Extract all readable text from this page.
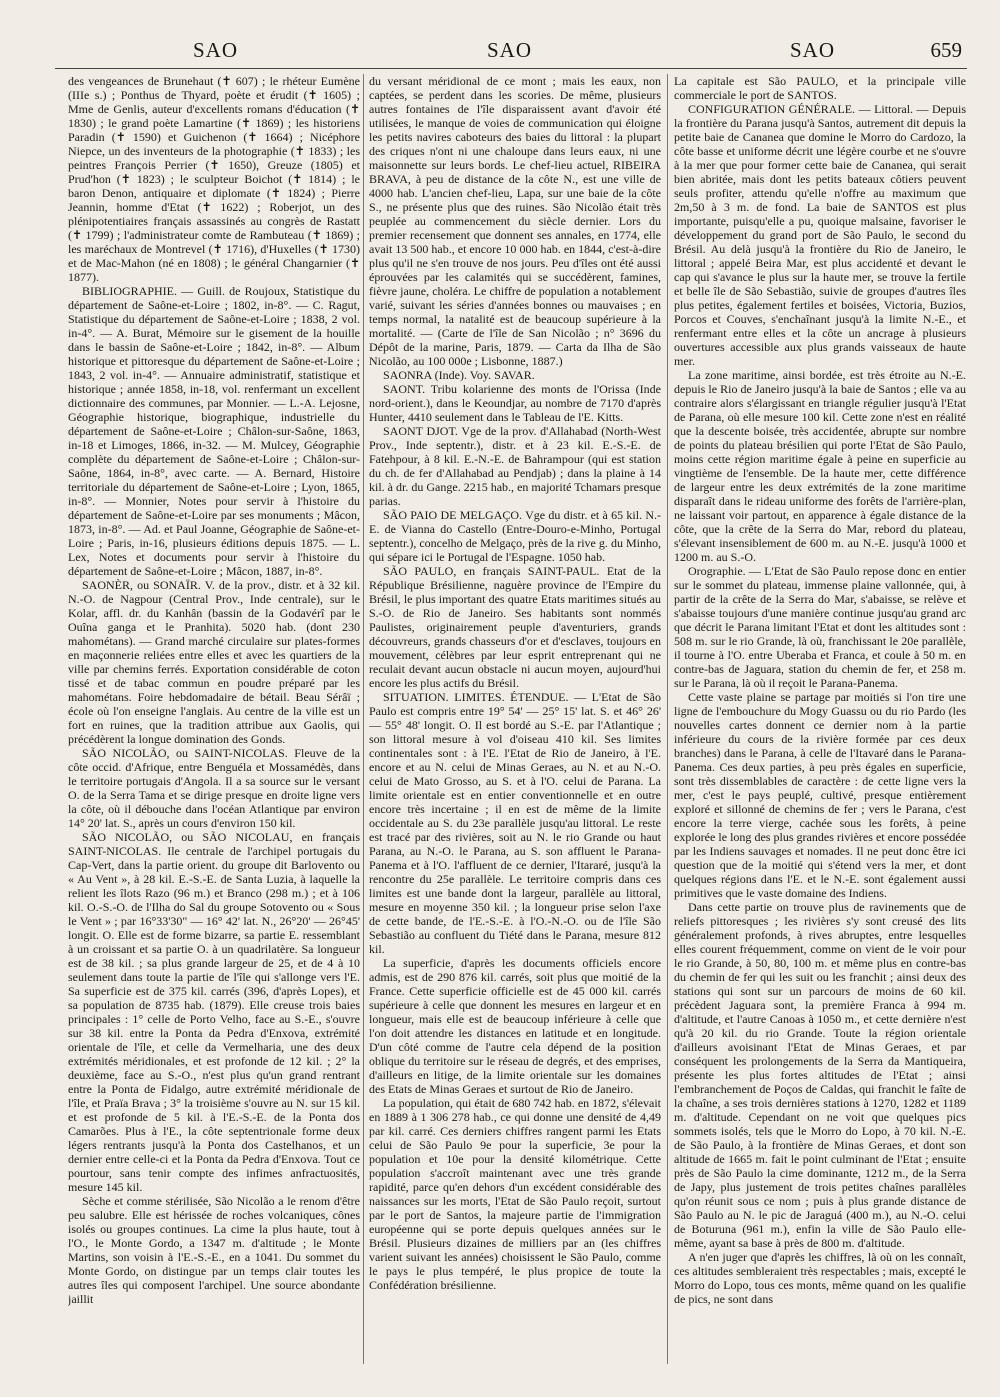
SAO	SAO	SAO	659

des vengeances de Brunehaut (✝ 607) ; le rhéteur Eumène (IIIe s.) ; Ponthus de Thyard, poète et érudit (✝ 1605) ; Mme de Genlis, auteur d'excellents romans d'éducation (✝ 1830) ; le grand poète Lamartine (✝ 1869) ; les historiens Paradin (✝ 1590) et Guichenon (✝ 1664) ; Nicéphore Niepce, un des inventeurs de la photographie (✝ 1833) ; les peintres François Perrier (✝ 1650), Greuze (1805) et Prud'hon (✝ 1823) ; le sculpteur Boichot (✝ 1814) ; le baron Denon, antiquaire et diplomate (✝ 1824) ; Pierre Jeannin, homme d'Etat (✝ 1622) ; Roberjot, un des plénipotentiaires français assassinés au congrès de Rastatt (✝ 1799) ; l'administrateur comte de Rambuteau (✝ 1869) ; les maréchaux de Montrevel (✝ 1716), d'Huxelles (✝ 1730) et de Mac-Mahon (né en 1808) ; le général Changarnier (✝ 1877).

BIBLIOGRAPHIE. — Guill. de Roujoux, Statistique du département de Saône-et-Loire ; 1802, in-8°. — C. Ragut, Statistique du département de Saône-et-Loire ; 1838, 2 vol. in-4°. — A. Burat, Mémoire sur le gisement de la houille dans le bassin de Saône-et-Loire ; 1842, in-8°. — Album historique et pittoresque du département de Saône-et-Loire ; 1843, 2 vol. in-4°. — Annuaire administratif, statistique et historique ; année 1858, in-18, vol. renfermant un excellent dictionnaire des communes, par Monnier. — L.-A. Lejosne, Géographie historique, biographique, industrielle du département de Saône-et-Loire ; Châlon-sur-Saône, 1863, in-18 et Limoges, 1866, in-32. — M. Mulcey, Géographie complète du département de Saône-et-Loire ; Châlon-sur-Saône, 1864, in-8°, avec carte. — A. Bernard, Histoire territoriale du département de Saône-et-Loire ; Lyon, 1865, in-8°. — Monnier, Notes pour servir à l'histoire du département de Saône-et-Loire par ses monuments ; Mâcon, 1873, in-8°. — Ad. et Paul Joanne, Géographie de Saône-et-Loire ; Paris, in-16, plusieurs éditions depuis 1875. — L. Lex, Notes et documents pour servir à l'histoire du département de Saône-et-Loire ; Mâcon, 1887, in-8°.

SAONÈR, ou SONAÏR. V. de la prov., distr. et à 32 kil. N.-O. de Nagpour (Central Prov., Inde centrale), sur le Kolar, affl. dr. du Kanhân (bassin de la Godavérî par le Ouîna ganga et le Pranhita). 5020 hab. (dont 230 mahométans). — Grand marché circulaire sur plates-formes en maçonnerie reliées entre elles et avec les quartiers de la ville par chemins ferrés. Exportation considérable de coton tissé et de tabac commun en poudre préparé par les mahométans. Foire hebdomadaire de bétail. Beau Sérâï ; école où l'on enseigne l'anglais. Au centre de la ville est un fort en ruines, que la tradition attribue aux Gaolis, qui précédèrent la longue domination des Gonds.

SÃO NICOLÃO, ou SAINT-NICOLAS. Fleuve de la côte occid. d'Afrique, entre Benguéla et Mossamédès, dans le territoire portugais d'Angola. Il a sa source sur le versant O. de la Serra Tama et se dirige presque en droite ligne vers la côte, où il débouche dans l'océan Atlantique par environ 14° 20' lat. S., après un cours d'environ 150 kil.

SÃO NICOLÃO, ou SÃO NICOLAU, en français SAINT-NICOLAS. Ile centrale de l'archipel portugais du Cap-Vert, dans la partie orient. du groupe dit Barlovento ou « Au Vent », à 28 kil. E.-S.-E. de Santa Luzia, à laquelle la relient les îlots Razo (96 m.) et Branco (298 m.) ; et à 106 kil. O.-S.-O. de l'Ilha do Sal du groupe Sotovento ou « Sous le Vent » ; par 16°33'30" — 16° 42' lat. N., 26°20' — 26°45' longit. O. Elle est de forme bizarre, sa partie E. ressemblant à un croissant et sa partie O. à un quadrilatère. Sa longueur est de 38 kil. ; sa plus grande largeur de 25, et de 4 à 10 seulement dans toute la partie de l'île qui s'allonge vers l'E. Sa superficie est de 375 kil. carrés (396, d'après Lopes), et sa population de 8735 hab. (1879). Elle creuse trois baies principales : 1° celle de Porto Velho, face au S.-E., s'ouvre sur 38 kil. entre la Ponta da Pedra d'Enxova, extrémité orientale de l'île, et celle da Vermelharia, une des deux extrémités méridionales, et est profonde de 12 kil. ; 2° la deuxième, face au S.-O., n'est plus qu'un grand rentrant entre la Ponta de Fidalgo, autre extrémité méridionale de l'île, et Praïa Brava ; 3° la troisième s'ouvre au N. sur 15 kil. et est profonde de 5 kil. à l'E.-S.-E. de la Ponta dos Camarões. Plus à l'E., la côte septentrionale forme deux légers rentrants jusqu'à la Ponta dos Castelhanos, et un dernier entre celle-ci et la Ponta da Pedra d'Enxova. Tout ce pourtour, sans tenir compte des infimes anfractuosités, mesure 145 kil.

Sèche et comme stérilisée, São Nicolão a le renom d'être peu salubre. Elle est hérissée de roches volcaniques, cônes isolés ou groupes continues. La cime la plus haute, tout à l'O., le Monte Gordo, a 1347 m. d'altitude ; le Monte Martins, son voisin à l'E.-S.-E., en a 1041. Du sommet du Monte Gordo, on distingue par un temps clair toutes les autres îles qui composent l'archipel. Une source abondante jaillit

du versant méridional de ce mont ; mais les eaux, non captées, se perdent dans les scories. De même, plusieurs autres fontaines de l'île disparaissent avant d'avoir été utilisées, le manque de voies de communication qui éloigne les petits navires caboteurs des baies du littoral : la plupart des criques n'ont ni une chaloupe dans leurs eaux, ni une maisonnette sur leurs bords. Le chef-lieu actuel, RIBEIRA BRAVA, à peu de distance de la côte N., est une ville de 4000 hab. L'ancien chef-lieu, Lapa, sur une baie de la côte S., ne présente plus que des ruines. São Nicolão était très peuplée au commencement du siècle dernier. Lors du premier recensement que donnent ses annales, en 1774, elle avait 13 500 hab., et encore 10 000 hab. en 1844, c'est-à-dire plus qu'il ne s'en trouve de nos jours. Peu d'îles ont été aussi éprouvées par les calamités qui se succédèrent, famines, fièvre jaune, choléra. Le chiffre de population a notablement varié, suivant les séries d'années bonnes ou mauvaises ; en temps normal, la natalité est de beaucoup supérieure à la mortalité. — (Carte de l'île de San Nicolão ; n° 3696 du Dépôt de la marine, Paris, 1879. — Carta da Ilha de São Nicolão, au 100 000e ; Lisbonne, 1887.)

SAONRA (Inde). Voy. SAVAR.

SAONT. Tribu kolarienne des monts de l'Orissa (Inde nord-orient.), dans le Keoundjar, au nombre de 7170 d'après Hunter, 4410 seulement dans le Tableau de l'E. Kitts.

SAONT DJOT. Vge de la prov. d'Allahabad (North-West Prov., Inde septentr.), distr. et à 23 kil. E.-S.-E. de Fatehpour, à 8 kil. E.-N.-E. de Bahrampour (qui est station du ch. de fer d'Allahabad au Pendjab) ; dans la plaine à 14 kil. à dr. du Gange. 2215 hab., en majorité Tchamars presque parias.

SÃO PAIO DE MELGAÇO. Vge du distr. et à 65 kil. N.-E. de Vianna do Castello (Entre-Douro-e-Minho, Portugal septentr.), concelho de Melgaço, près de la rive g. du Minho, qui sépare ici le Portugal de l'Espagne. 1050 hab.

SÃO PAULO, en français SAINT-PAUL. Etat de la République Brésilienne, naguère province de l'Empire du Brésil, le plus important des quatre Etats maritimes situés au S.-O. de Rio de Janeiro. Ses habitants sont nommés Paulistes, originairement peuple d'aventuriers, grands découvreurs, grands chasseurs d'or et d'esclaves, toujours en mouvement, célèbres par leur esprit entreprenant qui ne reculait devant aucun obstacle ni aucun moyen, aujourd'hui encore les plus actifs du Brésil.

SITUATION. LIMITES. ÉTENDUE. — L'Etat de São Paulo est compris entre 19° 54' — 25° 15' lat. S. et 46° 26' — 55° 48' longit. O. Il est bordé au S.-E. par l'Atlantique ; son littoral mesure à vol d'oiseau 410 kil. Ses limites continentales sont : à l'E. l'Etat de Rio de Janeiro, à l'E. encore et au N. celui de Minas Geraes, au N. et au N.-O. celui de Mato Grosso, au S. et à l'O. celui de Parana. La limite orientale est en entier conventionnelle et en outre encore très incertaine ; il en est de même de la limite occidentale au S. du 23e parallèle jusqu'au littoral. Le reste est tracé par des rivières, soit au N. le rio Grande ou haut Parana, au N.-O. le Parana, au S. son affluent le Parana-Panema et à l'O. l'affluent de ce dernier, l'Itararé, jusqu'à la rencontre du 25e parallèle. Le territoire compris dans ces limites est une bande dont la largeur, parallèle au littoral, mesure en moyenne 350 kil. ; la longueur prise selon l'axe de cette bande, de l'E.-S.-E. à l'O.-N.-O. ou de l'île São Sebastião au confluent du Tiété dans le Parana, mesure 812 kil.

La superficie, d'après les documents officiels encore admis, est de 290 876 kil. carrés, soit plus que moitié de la France. Cette superficie officielle est de 45 000 kil. carrés supérieure à celle que donnent les mesures en largeur et en longueur, mais elle est de beaucoup inférieure à celle que l'on doit attendre les distances en latitude et en longitude. D'un côté comme de l'autre cela dépend de la position oblique du territoire sur le réseau de degrés, et des emprises, d'ailleurs en litige, de la limite orientale sur les domaines des Etats de Minas Geraes et surtout de Rio de Janeiro.

La population, qui était de 680 742 hab. en 1872, s'élevait en 1889 à 1 306 278 hab., ce qui donne une densité de 4,49 par kil. carré. Ces derniers chiffres rangent parmi les Etats celui de São Paulo 9e pour la superficie, 3e pour la population et 10e pour la densité kilométrique. Cette population s'accroît maintenant avec une très grande rapidité, parce qu'en dehors d'un excédent considérable des naissances sur les morts, l'Etat de São Paulo reçoit, surtout par le port de Santos, la majeure partie de l'immigration européenne qui se porte depuis quelques années sur le Brésil. Plusieurs dizaines de milliers par an (les chiffres varient suivant les années) choisissent le São Paulo, comme le pays le plus tempéré, le plus propice de toute la Confédération brésilienne.

La capitale est São PAULO, et la principale ville commerciale le port de SANTOS.

CONFIGURATION GÉNÉRALE. — Littoral. — Depuis la frontière du Parana jusqu'à Santos, autrement dit depuis la petite baie de Cananea que domine le Morro do Cardozo, la côte basse et uniforme décrit une légère courbe et ne s'ouvre à la mer que pour former cette baie de Cananea, qui serait bien abritée, mais dont les petits bateaux côtiers peuvent seuls profiter, attendu qu'elle n'offre au maximum que 2m,50 à 3 m. de fond. La baie de SANTOS est plus importante, puisqu'elle a pu, quoique malsaine, favoriser le développement du grand port de São Paulo, le second du Brésil. Au delà jusqu'à la frontière du Rio de Janeiro, le littoral ; appelé Beira Mar, est plus accidenté et devant le cap qui s'avance le plus sur la haute mer, se trouve la fertile et belle île de São Sebastião, suivie de groupes d'autres îles plus petites, également fertiles et boisées, Victoria, Buzios, Porcos et Couves, s'enchaînant jusqu'à la limite N.-E., et renfermant entre elles et la côte un ancrage à plusieurs ouvertures accessible aux plus grands vaisseaux de haute mer.

La zone maritime, ainsi bordée, est très étroite au N.-E. depuis le Rio de Janeiro jusqu'à la baie de Santos ; elle va au contraire alors s'élargissant en triangle régulier jusqu'à l'Etat de Parana, où elle mesure 100 kil. Cette zone n'est en réalité que la descente boisée, très accidentée, abrupte sur nombre de points du plateau brésilien qui porte l'Etat de São Paulo, moins cette région maritime égale à peine en superficie au vingtième de l'ensemble. De la haute mer, cette différence de largeur entre les deux extrémités de la zone maritime disparaît dans le rideau uniforme des forêts de l'arrière-plan, ne laissant voir partout, en apparence à égale distance de la côte, que la crête de la Serra do Mar, rebord du plateau, s'élevant insensiblement de 600 m. au N.-E. jusqu'à 1000 et 1200 m. au S.-O.

Orographie. — L'Etat de São Paulo repose donc en entier sur le sommet du plateau, immense plaine vallonnée, qui, à partir de la crête de la Serra do Mar, s'abaisse, se relève et s'abaisse toujours d'une manière continue jusqu'au grand arc que décrit le Parana limitant l'Etat et dont les altitudes sont : 508 m. sur le rio Grande, là où, franchissant le 20e parallèle, il tourne à l'O. entre Uberaba et Franca, et coule à 50 m. en contre-bas de Jaguara, station du chemin de fer, et 258 m. sur le Parana, là où il reçoit le Parana-Panema.

Cette vaste plaine se partage par moitiés si l'on tire une ligne de l'embouchure du Mogy Guassu ou du rio Pardo (les nouvelles cartes donnent ce dernier nom à la partie inférieure du cours de la rivière formée par ces deux branches) dans le Parana, à celle de l'Itavaré dans le Parana-Panema. Ces deux parties, à peu près égales en superficie, sont très dissemblables de caractère : de cette ligne vers la mer, c'est le pays peuplé, cultivé, presque entièrement exploré et sillonné de chemins de fer ; vers le Parana, c'est encore la terre vierge, cachée sous les forêts, à peine explorée le long des plus grandes rivières et encore possédée par les Indiens sauvages et nomades. Il ne peut donc être ici question que de la moitié qui s'étend vers la mer, et dont quelques régions dans l'E. et le N.-E. sont également aussi primitives que le vaste domaine des Indiens.

Dans cette partie on trouve plus de ravinements que de reliefs pittoresques ; les rivières s'y sont creusé des lits généralement profonds, à rives abruptes, entre lesquelles elles courent fréquemment, comme on vient de le voir pour le rio Grande, à 50, 80, 100 m. et même plus en contre-bas du chemin de fer qui les suit ou les franchit ; ainsi deux des stations qui sont sur un parcours de moins de 60 kil. précèdent Jaguara sont, la première Franca à 994 m. d'altitude, et l'autre Canoas à 1050 m., et cette dernière n'est qu'à 20 kil. du rio Grande. Toute la région orientale d'ailleurs avoisinant l'Etat de Minas Geraes, et par conséquent les prolongements de la Serra da Mantiqueira, présente les plus fortes altitudes de l'Etat ; ainsi l'embranchement de Poços de Caldas, qui franchit le faîte de la chaîne, a ses trois dernières stations à 1270, 1282 et 1189 m. d'altitude. Cependant on ne voit que quelques pics sommets isolés, tels que le Morro do Lopo, à 70 kil. N.-E. de São Paulo, à la frontière de Minas Geraes, et dont son altitude de 1665 m. fait le point culminant de l'Etat ; ensuite près de São Paulo la cime dominante, 1212 m., de la Serra de Japy, plus justement de trois petites chaînes parallèles qu'on réunit sous ce nom ; puis à plus grande distance de São Paulo au N. le pic de Jaraguá (400 m.), au N.-O. celui de Boturuna (961 m.), enfin la ville de São Paulo elle-même, ayant sa base à près de 800 m. d'altitude.

A n'en juger que d'après les chiffres, là où on les connaît, ces altitudes sembleraient très respectables ; mais, excepté le Morro do Lopo, tous ces monts, même quand on les qualifie de pics, ne sont dans
